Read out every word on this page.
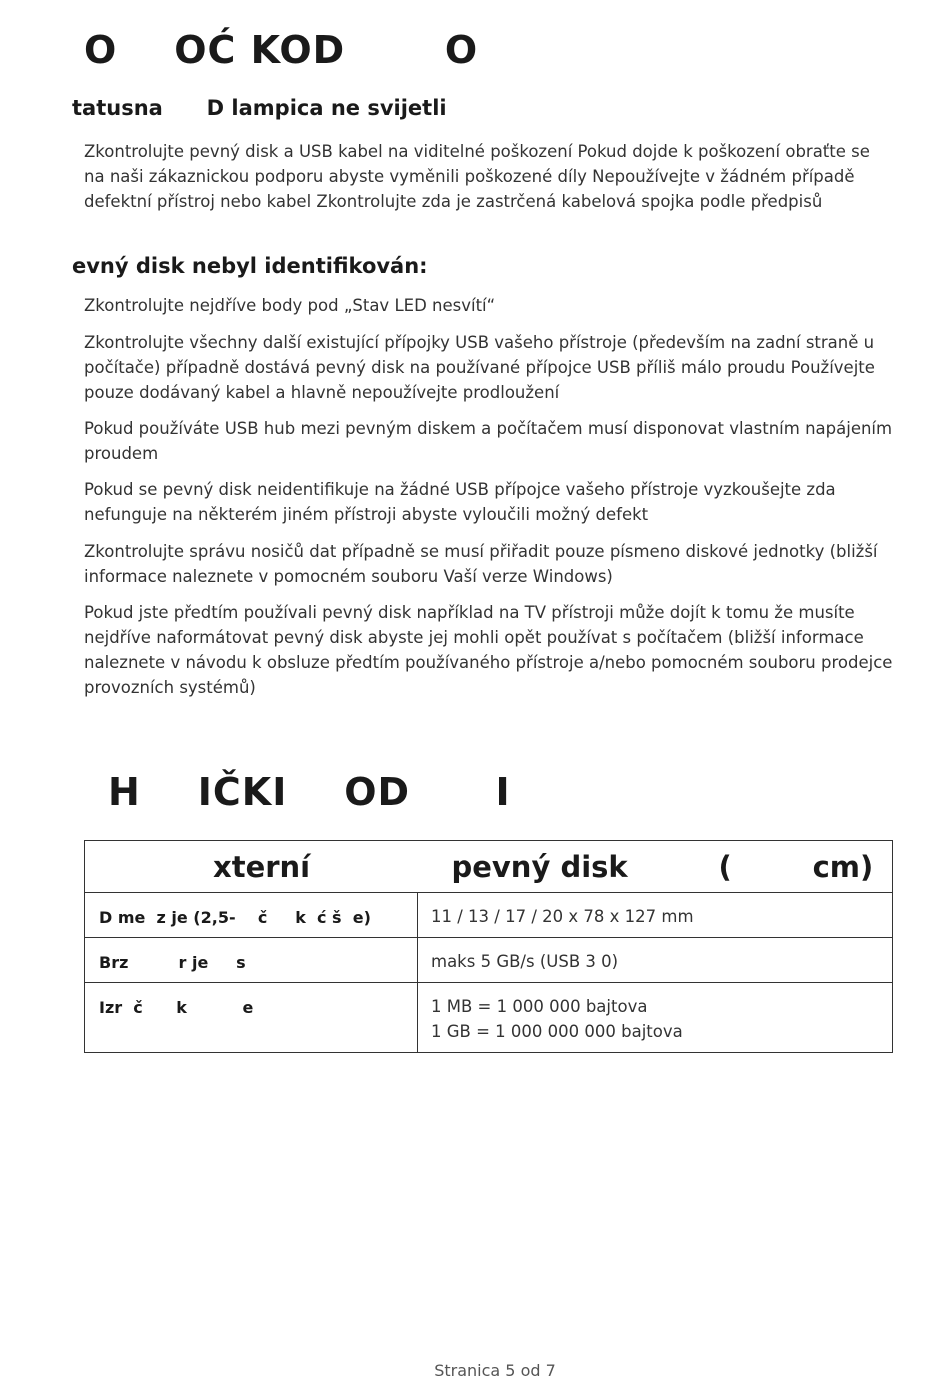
O    OĆ KOD       O
tatusna      D lampica ne svijetli

Zkontrolujte pevný disk a USB kabel na viditelné poškození Pokud dojde k poškození obraťte se na naši zákaznickou podporu abyste vyměnili poškozené díly Nepoužívejte v žádném případě defektní přístroj nebo kabel Zkontrolujte zda je zastrčená kabelová spojka podle předpisů

evný disk nebyl identifikován:

Zkontrolujte nejdříve body pod „Stav LED nesvítí“

Zkontrolujte všechny další existující přípojky USB vašeho přístroje (především na zadní straně u počítače) případně dostává pevný disk na používané přípojce USB příliš málo proudu Používejte pouze dodávaný kabel a hlavně nepoužívejte prodloužení

Pokud používáte USB hub mezi pevným diskem a počítačem musí disponovat vlastním napájením proudem

Pokud se pevný disk neidentifikuje na žádné USB přípojce vašeho přístroje vyzkoušejte zda nefunguje na některém jiném přístroji abyste vyloučili možný defekt

Zkontrolujte správu nosičů dat případně se musí přiřadit pouze písmeno diskové jednotky (bližší informace naleznete v pomocném souboru Vaší verze Windows)

Pokud jste předtím používali pevný disk například na TV přístroji může dojít k tomu že musíte nejdříve naformátovat pevný disk abyste jej mohli opět používat s počítačem (bližší informace naleznete v návodu k obsluze předtím používaného přístroje a/nebo pomocném souboru prodejce provozních systémů)

H    IČKI    OD      I
xterní              pevný disk         (        cm)	
D me  z je (2,5-    č     k  ć š  e)	11 / 13 / 17 / 20 x 78 x 127 mm
Brz         r je     s	maks 5 GB/s (USB 3 0)
Izr  č      k          e	1 MB = 1 000 000 bajtova
1 GB = 1 000 000 000 bajtova
Stranica 5 od 7
